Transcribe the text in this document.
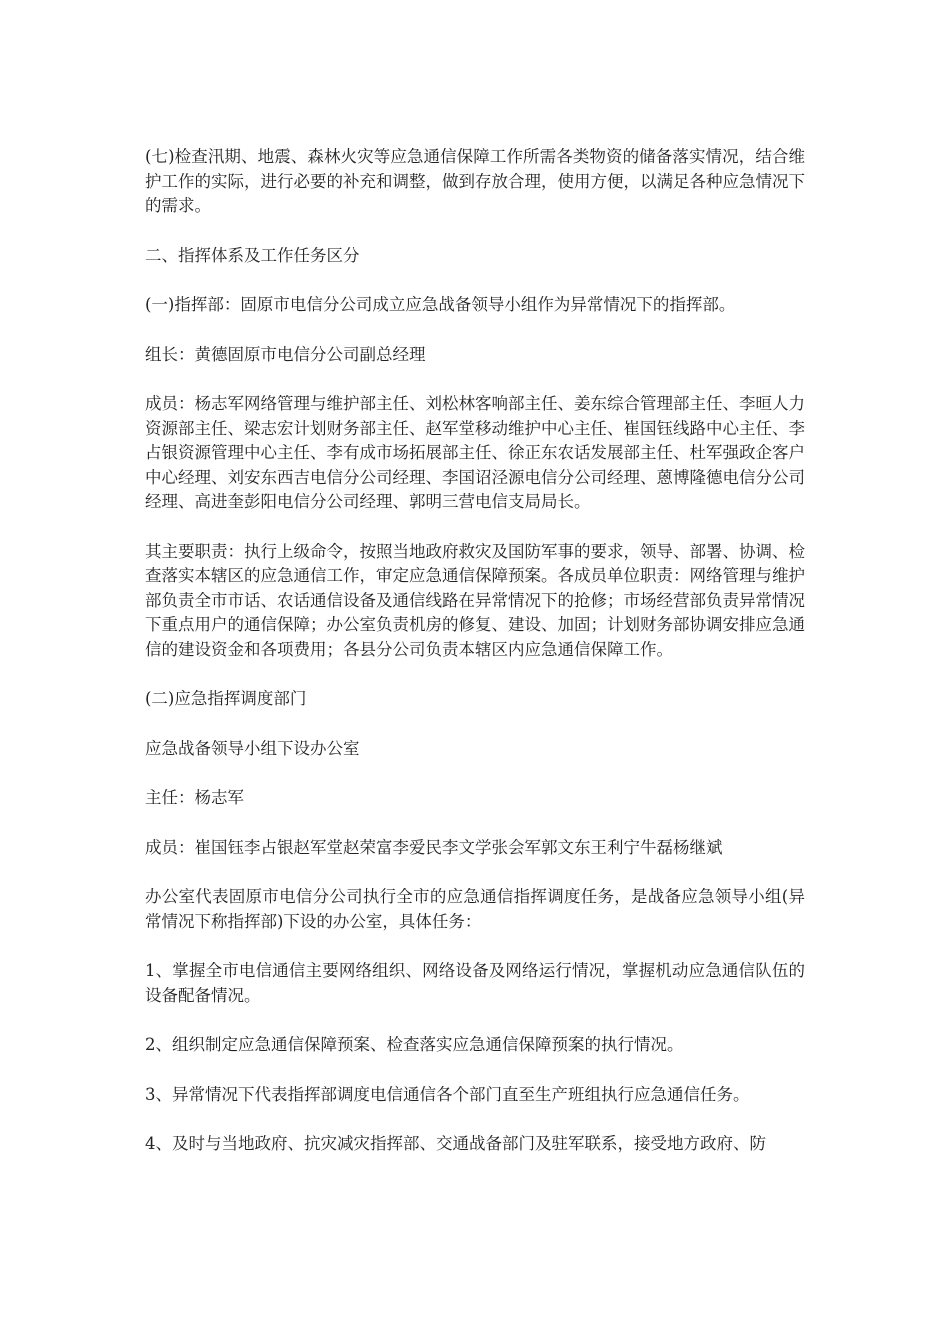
(七)检查汛期、地震、森林火灾等应急通信保障工作所需各类物资的储备落实情况，结合维护工作的实际，进行必要的补充和调整，做到存放合理，使用方便，以满足各种应急情况下的需求。

二、指挥体系及工作任务区分

(一)指挥部：固原市电信分公司成立应急战备领导小组作为异常情况下的指挥部。

组长：黄德固原市电信分公司副总经理

成员：杨志军网络管理与维护部主任、刘松林客响部主任、姜东综合管理部主任、李晅人力资源部主任、梁志宏计划财务部主任、赵军堂移动维护中心主任、崔国钰线路中心主任、李占银资源管理中心主任、李有成市场拓展部主任、徐正东农话发展部主任、杜军强政企客户中心经理、刘安东西吉电信分公司经理、李国诏泾源电信分公司经理、蒽博隆德电信分公司经理、高进奎彭阳电信分公司经理、郭明三营电信支局局长。

其主要职责：执行上级命令，按照当地政府救灾及国防军事的要求，领导、部署、协调、检查落实本辖区的应急通信工作，审定应急通信保障预案。各成员单位职责：网络管理与维护部负责全市市话、农话通信设备及通信线路在异常情况下的抢修；市场经营部负责异常情况下重点用户的通信保障；办公室负责机房的修复、建设、加固；计划财务部协调安排应急通信的建设资金和各项费用；各县分公司负责本辖区内应急通信保障工作。

(二)应急指挥调度部门

应急战备领导小组下设办公室

主任：杨志军

成员：崔国钰李占银赵军堂赵荣富李爱民李文学张会军郭文东王利宁牛磊杨继斌

办公室代表固原市电信分公司执行全市的应急通信指挥调度任务，是战备应急领导小组(异常情况下称指挥部)下设的办公室，具体任务：

1、掌握全市电信通信主要网络组织、网络设备及网络运行情况，掌握机动应急通信队伍的设备配备情况。

2、组织制定应急通信保障预案、检查落实应急通信保障预案的执行情况。

3、异常情况下代表指挥部调度电信通信各个部门直至生产班组执行应急通信任务。

4、及时与当地政府、抗灾减灾指挥部、交通战备部门及驻军联系，接受地方政府、防
